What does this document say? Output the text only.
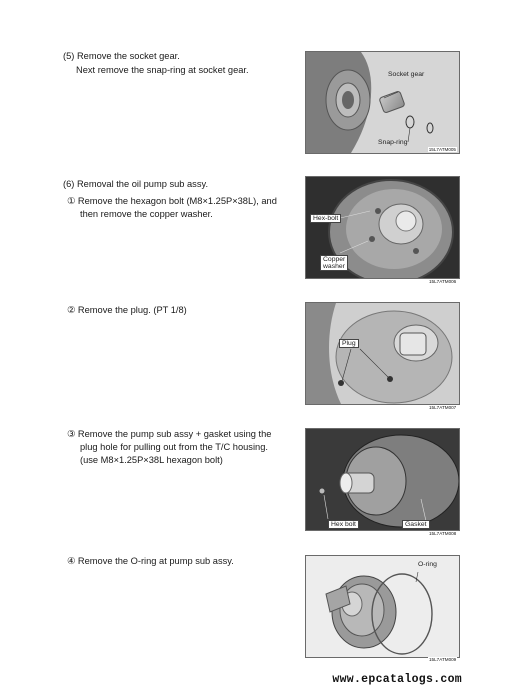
(5) Remove the socket gear.
Next remove the snap-ring at socket gear.	Socket gear
Snap-ring
15L7ATM005
(6) Removal the oil pump sub assy.
① Remove the hexagon bolt (M8×1.25P×38L), and
then remove the copper washer.	Hex-bolt
Copper
washer
15L7ATM006
② Remove the plug. (PT 1/8)
Plug
15L7ATM007
③ Remove the pump sub assy + gasket using the
plug hole for pulling out from the T/C housing.
(use M8×1.25P×38L hexagon bolt)
Hex bolt	Gasket
15L7ATM008
④ Remove the O-ring at pump sub assy.	O-ring
15L7ATM009
www.epcatalogs.com
